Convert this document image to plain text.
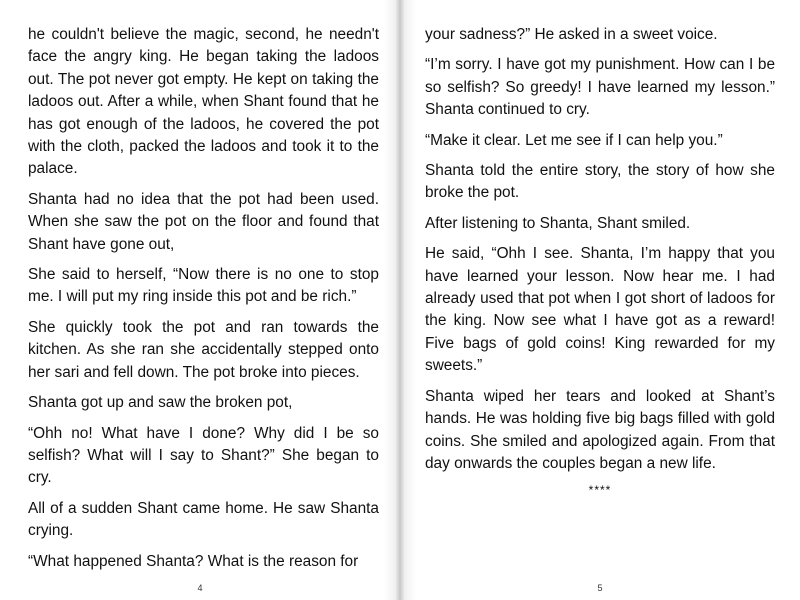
he couldn't believe the magic, second, he needn't face the angry king. He began taking the ladoos out. The pot never got empty. He kept on taking the ladoos out. After a while, when Shant found that he has got enough of the ladoos, he covered the pot with the cloth, packed the ladoos and took it to the palace.

Shanta had no idea that the pot had been used. When she saw the pot on the floor and found that Shant have gone out,

She said to herself, “Now there is no one to stop me. I will put my ring inside this pot and be rich.”

She quickly took the pot and ran towards the kitchen. As she ran she accidentally stepped onto her sari and fell down. The pot broke into pieces.

Shanta got up and saw the broken pot,

“Ohh no! What have I done? Why did I be so selfish? What will I say to Shant?” She began to cry.

All of a sudden Shant came home. He saw Shanta crying.

“What happened Shanta? What is the reason for

4

your sadness?” He asked in a sweet voice.

“I’m sorry. I have got my punishment. How can I be so selfish? So greedy! I have learned my lesson.” Shanta continued to cry.

“Make it clear. Let me see if I can help you.”

Shanta told the entire story, the story of how she broke the pot.

After listening to Shanta, Shant smiled.

He said, “Ohh I see. Shanta, I’m happy that you have learned your lesson. Now hear me. I had already used that pot when I got short of ladoos for the king. Now see what I have got as a reward! Five bags of gold coins! King rewarded for my sweets.”

Shanta wiped her tears and looked at Shant’s hands. He was holding five big bags filled with gold coins. She smiled and apologized again. From that day onwards the couples began a new life.

****
5
